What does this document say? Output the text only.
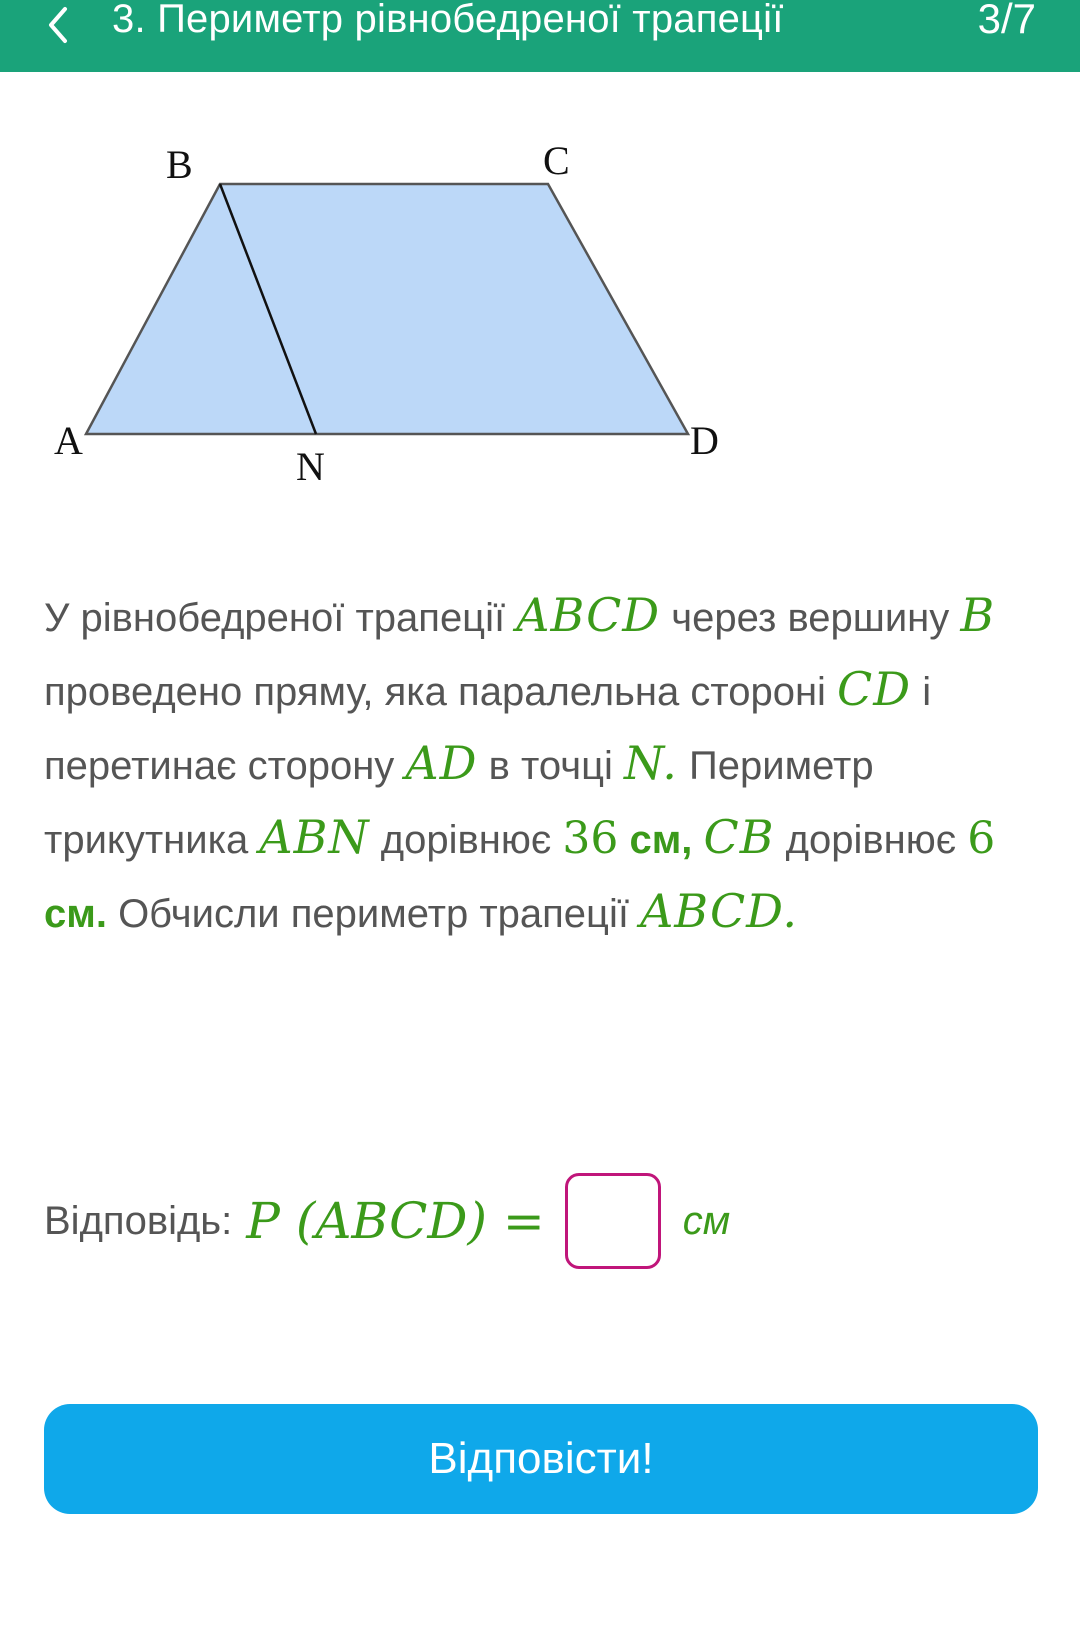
3. Периметр рівнобедреної трапеції	3/7
B	C
A	D
N
У рівнобедреної трапеції ABCD через вершину B проведено пряму, яка паралельна стороні CD і перетинає сторону AD в точці N. Периметр трикутника ABN дорівнює 36 см, CB дорівнює 6 см. Обчисли периметр трапеції ABCD.
Відповідь: P (ABCD) =	см
Відповісти!
